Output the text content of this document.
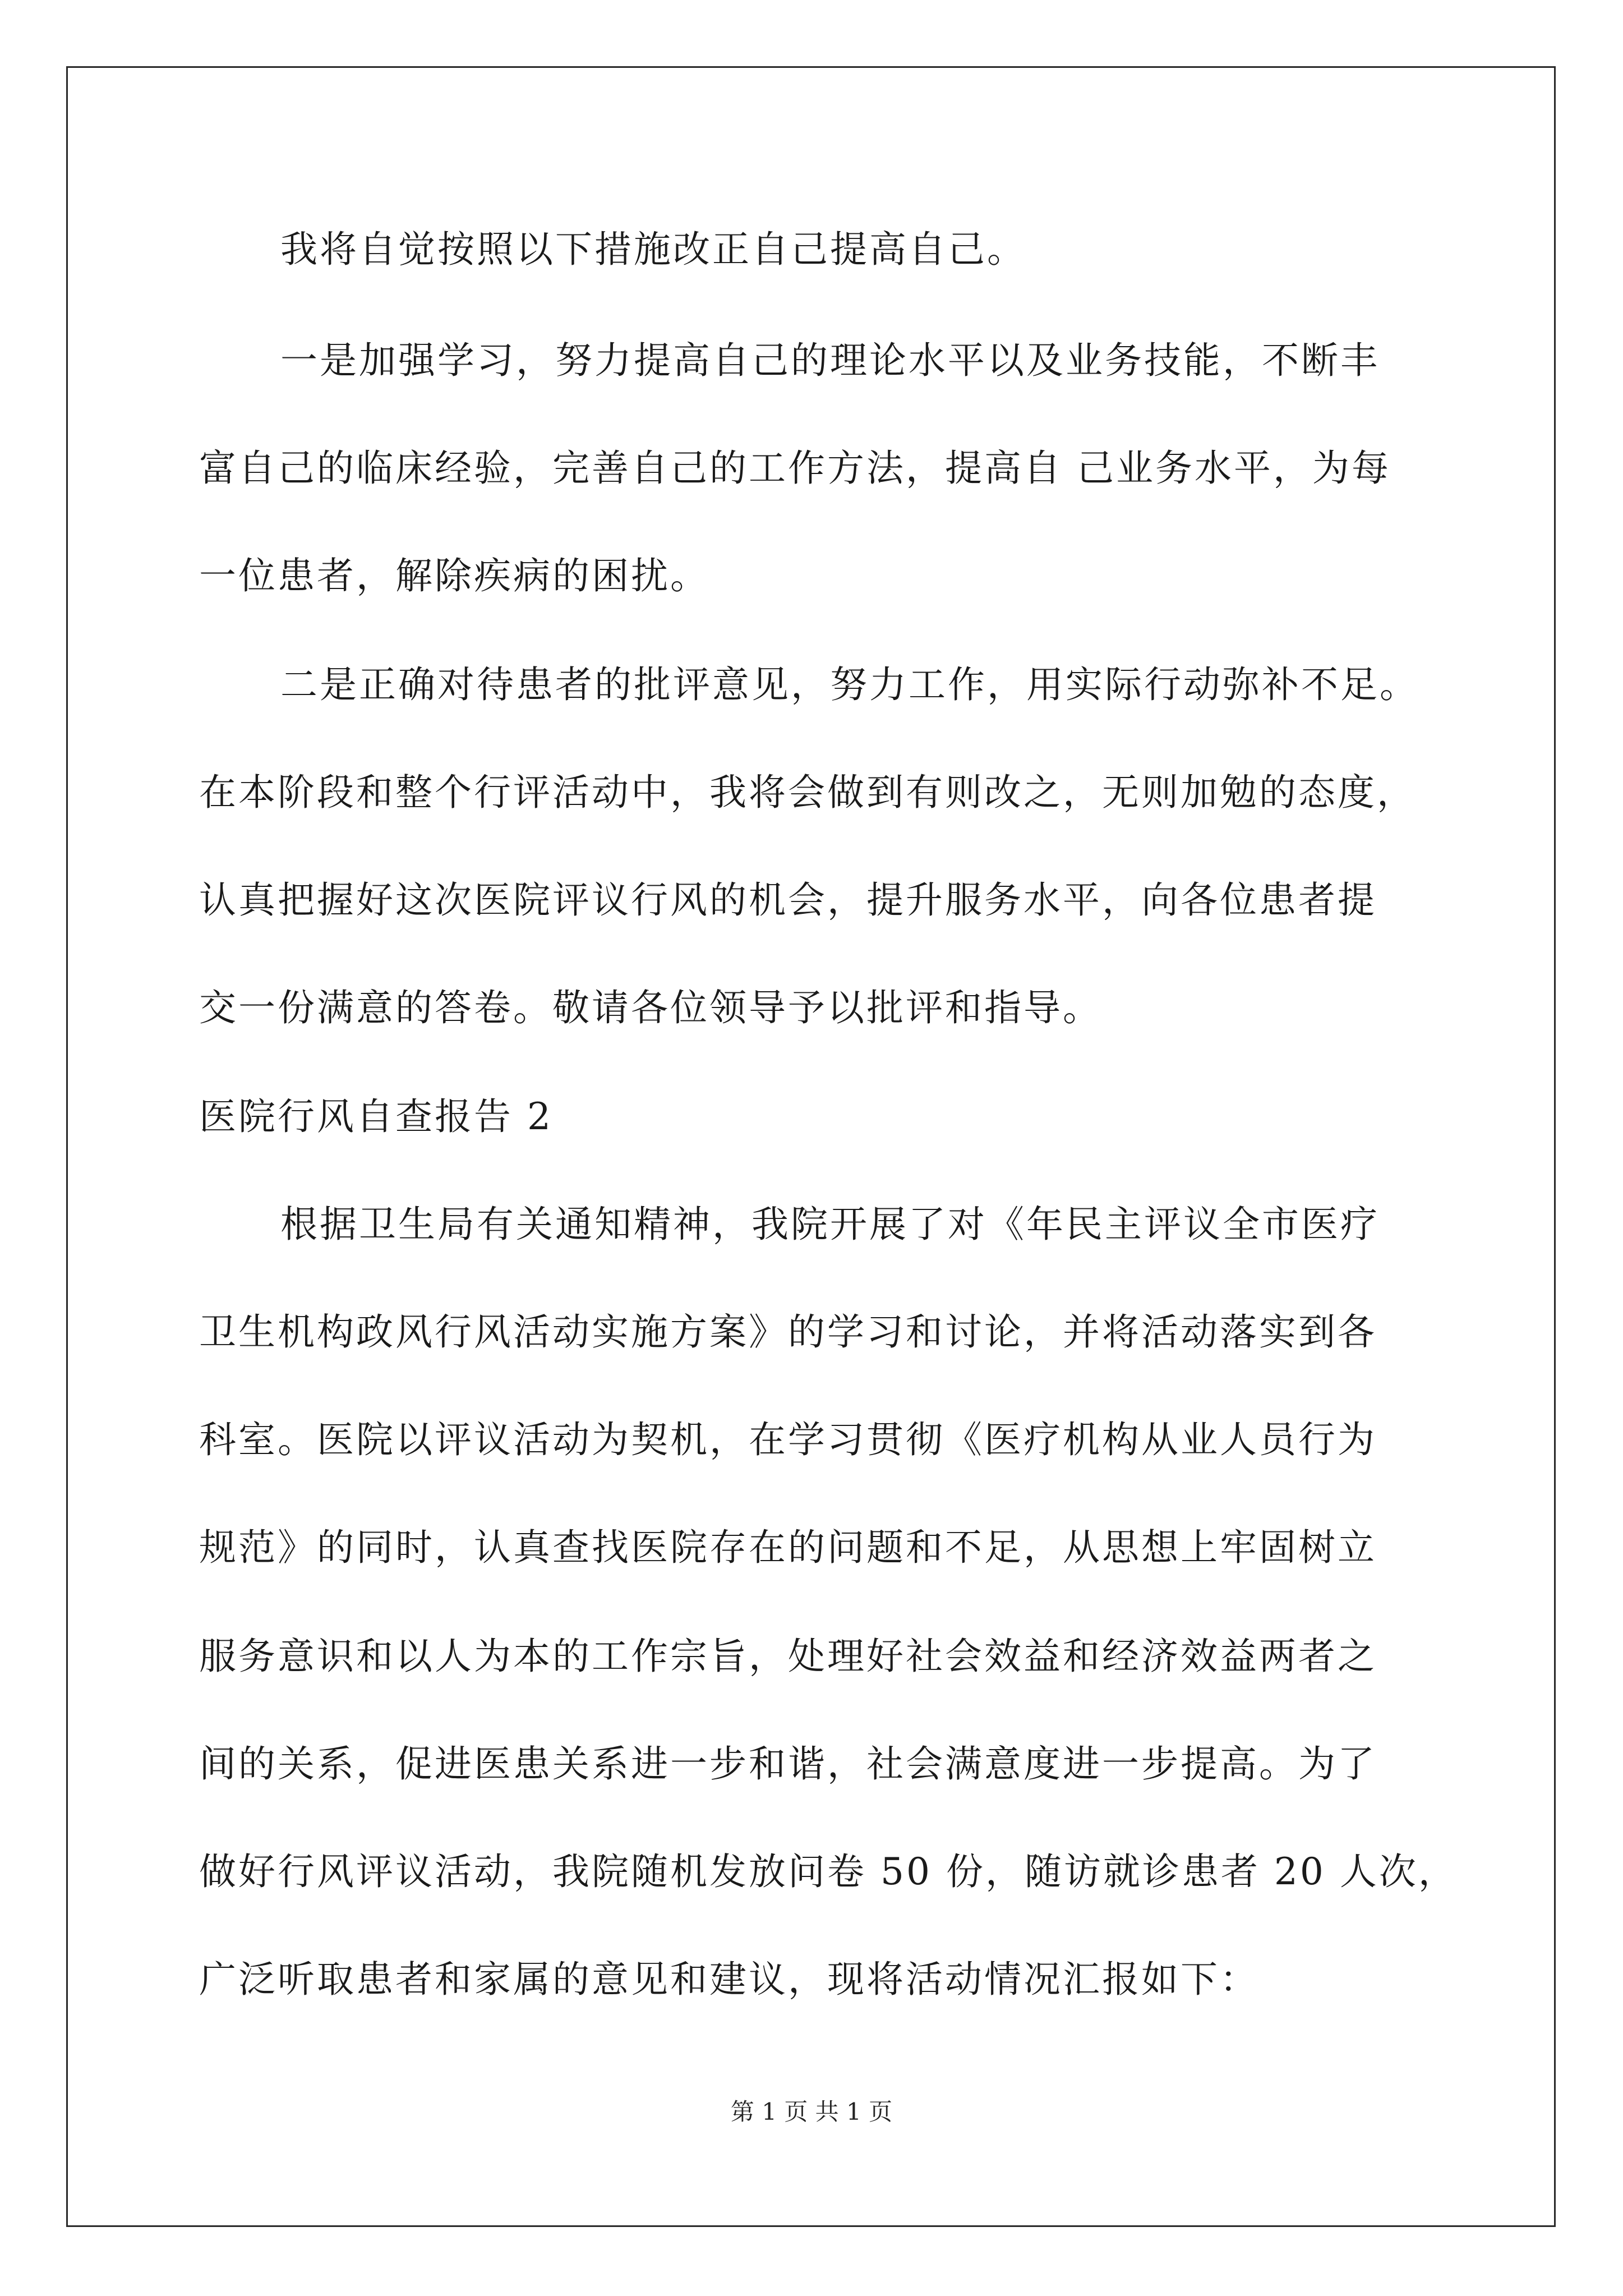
我将自觉按照以下措施改正自己提高自己。
一是加强学习，努力提高自己的理论水平以及业务技能，不断丰
富自己的临床经验，完善自己的工作方法，提高自 己业务水平，为每
一位患者，解除疾病的困扰。
二是正确对待患者的批评意见，努力工作，用实际行动弥补不足。
在本阶段和整个行评活动中，我将会做到有则改之，无则加勉的态度，
认真把握好这次医院评议行风的机会，提升服务水平，向各位患者提
交一份满意的答卷。敬请各位领导予以批评和指导。
医院行风自查报告 2
根据卫生局有关通知精神，我院开展了对《年民主评议全市医疗
卫生机构政风行风活动实施方案》的学习和讨论，并将活动落实到各
科室。医院以评议活动为契机，在学习贯彻《医疗机构从业人员行为
规范》的同时，认真查找医院存在的问题和不足，从思想上牢固树立
服务意识和以人为本的工作宗旨，处理好社会效益和经济效益两者之
间的关系，促进医患关系进一步和谐，社会满意度进一步提高。为了
做好行风评议活动，我院随机发放问卷 50 份，随访就诊患者 20 人次，
广泛听取患者和家属的意见和建议，现将活动情况汇报如下：
第 1 页 共 1 页
